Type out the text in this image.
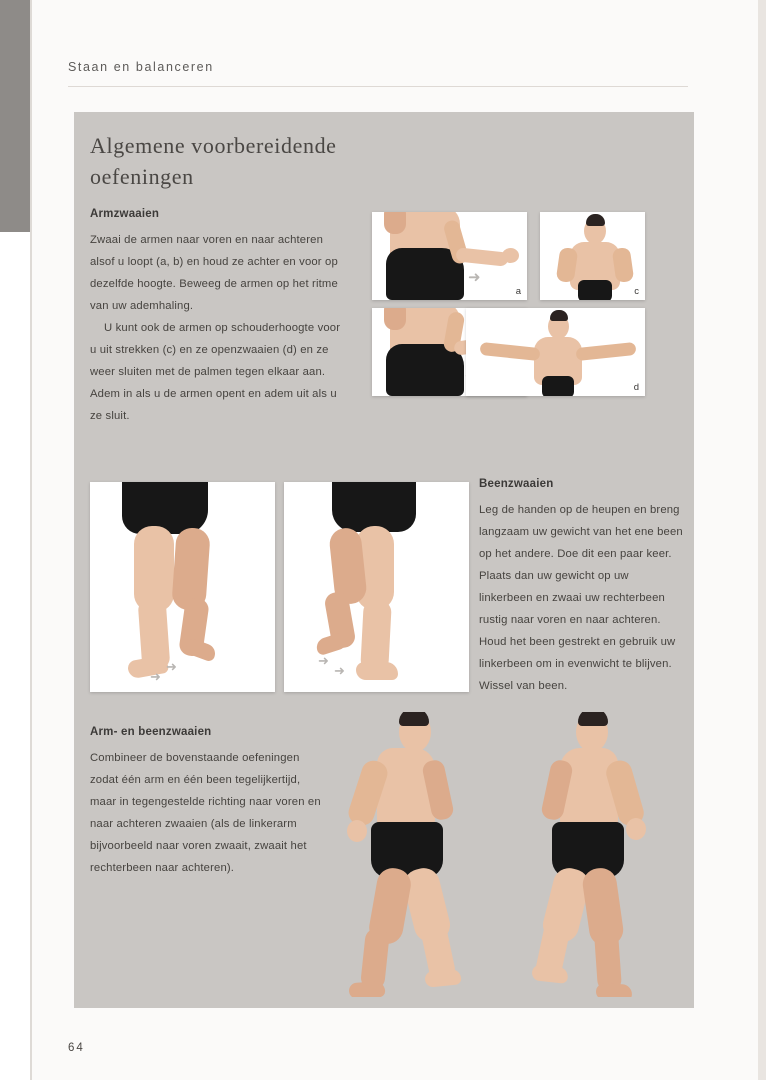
Staan en balanceren
Algemene voorbereidende
oefeningen
Armzwaaien
Zwaai de armen naar voren en naar achteren alsof u loopt (a, b) en houd ze achter en voor op dezelfde hoogte. Beweeg de armen op het ritme van uw ademhaling.
U kunt ook de armen op schouderhoogte voor u uit strekken (c) en ze openzwaaien (d) en ze weer sluiten met de palmen tegen elkaar aan. Adem in als u de armen opent en adem uit als u ze sluit.
➜
a	c
d
➜
➜	➜
➜
Beenzwaaien
Leg de handen op de heupen en breng langzaam uw gewicht van het ene been op het andere. Doe dit een paar keer. Plaats dan uw gewicht op uw linkerbeen en zwaai uw rechterbeen rustig naar voren en naar achteren. Houd het been gestrekt en gebruik uw linkerbeen om in evenwicht te blijven. Wissel van been.
Arm- en beenzwaaien
Combineer de bovenstaande oefeningen zodat één arm en één been tegelijkertijd, maar in tegengestelde richting naar voren en naar achteren zwaaien (als de linkerarm bijvoorbeeld naar voren zwaait, zwaait het rechterbeen naar achteren).
64
